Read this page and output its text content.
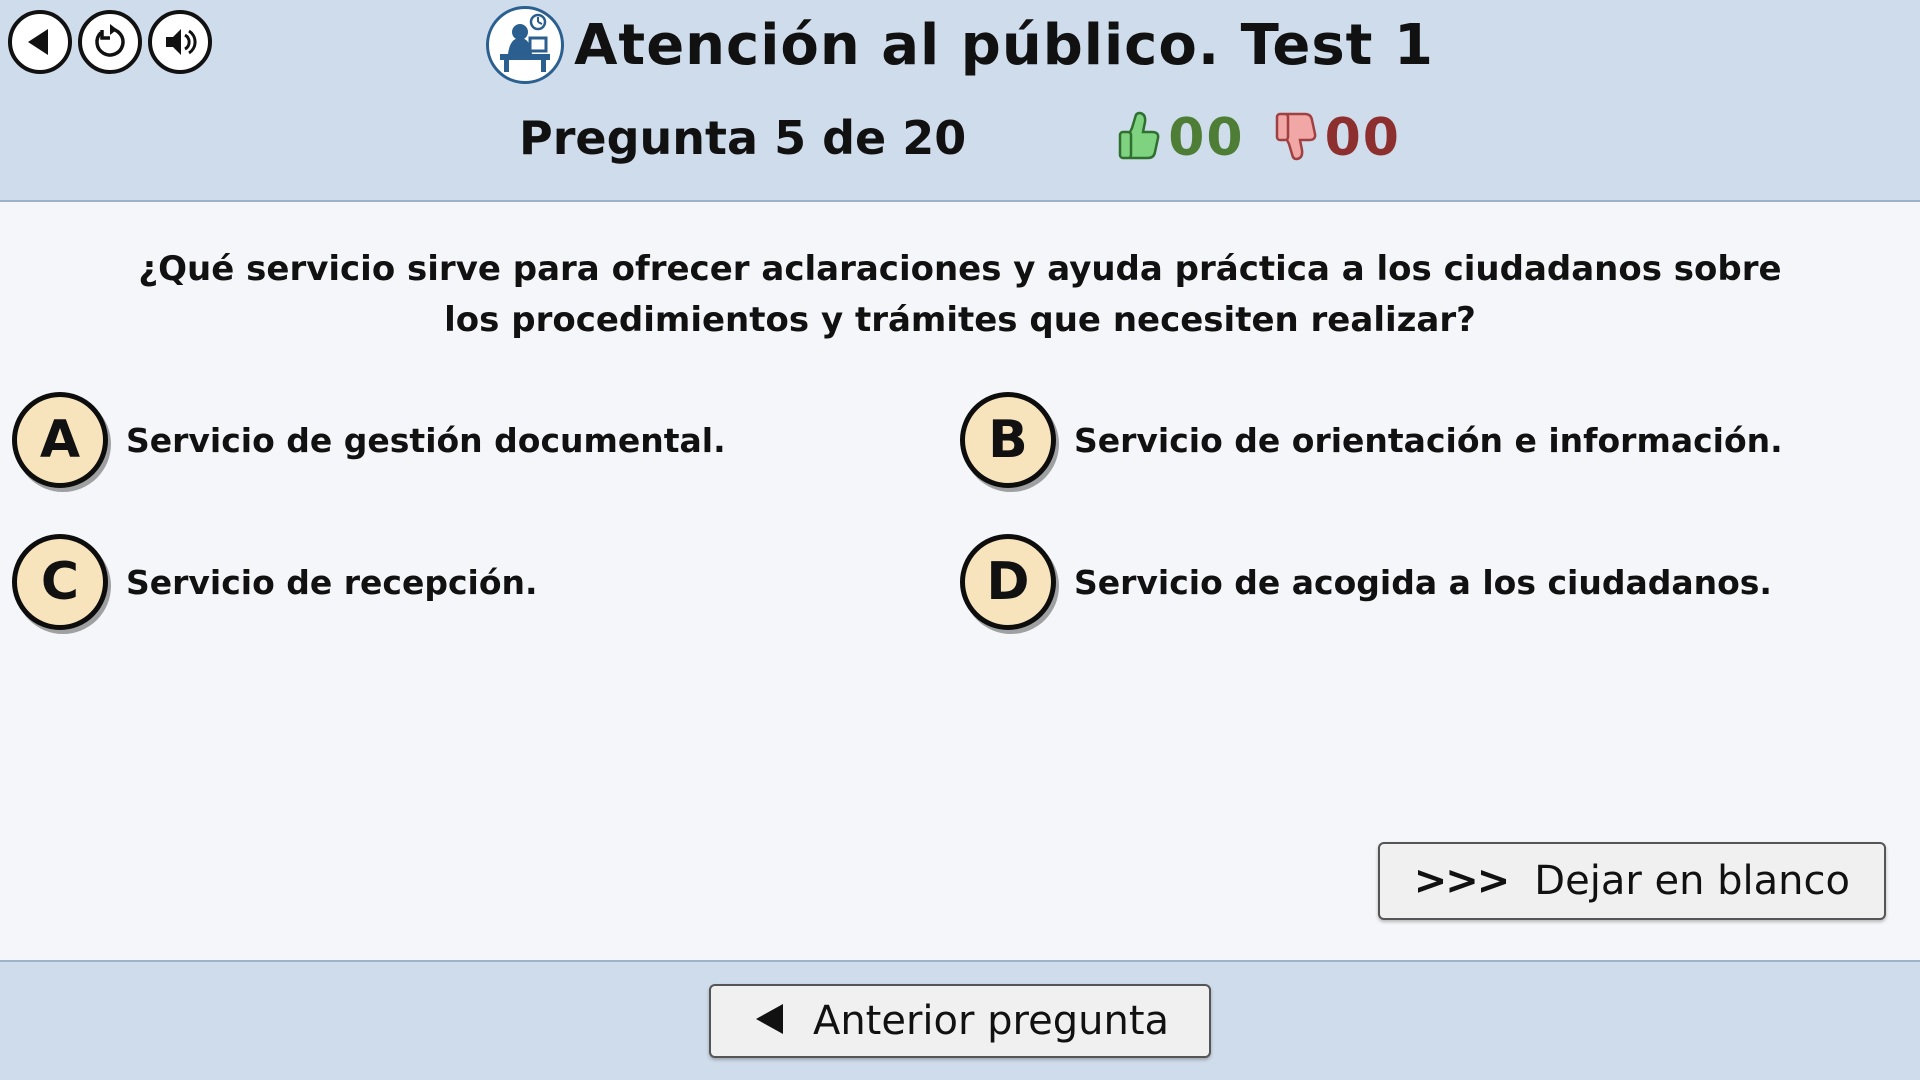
Atención al público. Test 1
Pregunta 5 de 20	00 00
¿Qué servicio sirve para ofrecer aclaraciones y ayuda práctica a los ciudadanos sobre los procedimientos y trámites que necesiten realizar?
A	Servicio de gestión documental.	B	Servicio de orientación e información.
C	Servicio de recepción.	D	Servicio de acogida a los ciudadanos.
>>> Dejar en blanco
Anterior pregunta
